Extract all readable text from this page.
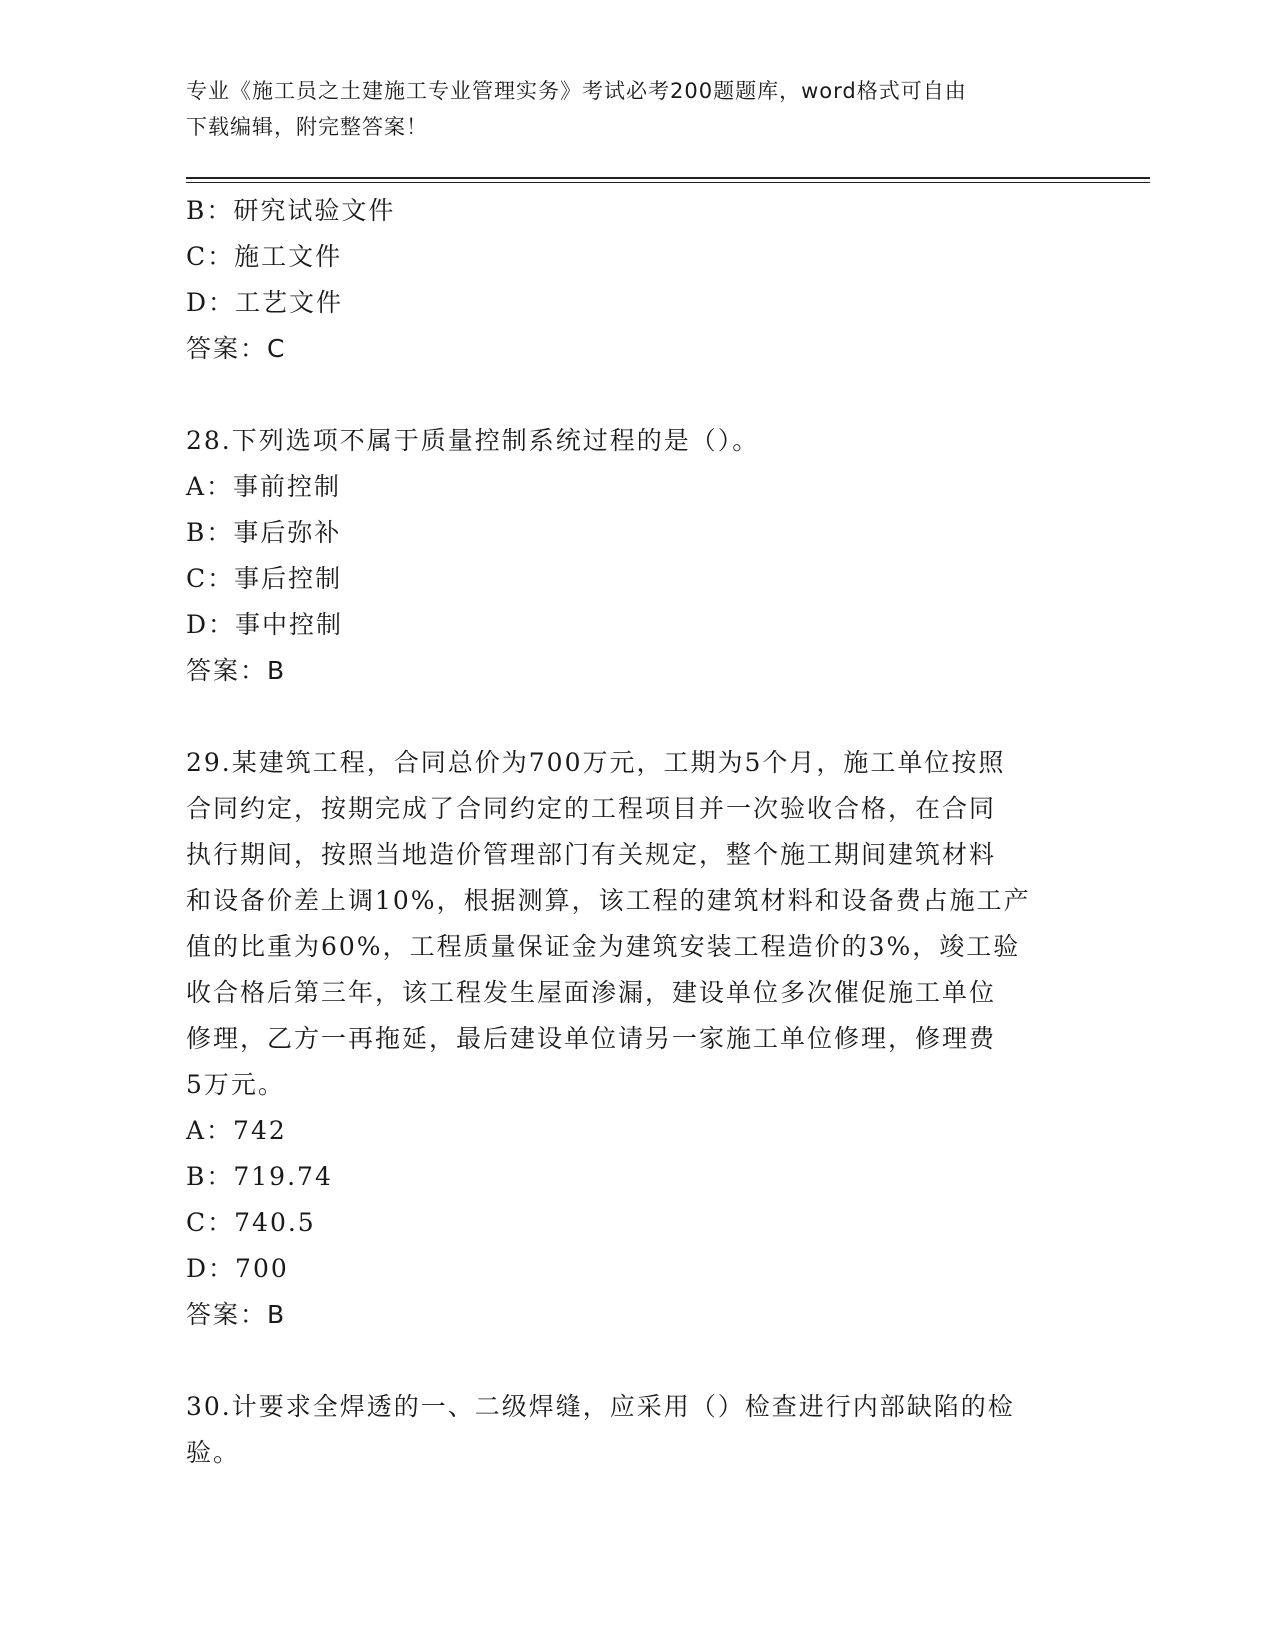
专业《施工员之土建施工专业管理实务》考试必考200题题库，word格式可自由
下载编辑，附完整答案！
B：研究试验文件
C：施工文件
D：工艺文件
答案：C
28.下列选项不属于质量控制系统过程的是（）。
A：事前控制
B：事后弥补
C：事后控制
D：事中控制
答案：B
29.某建筑工程，合同总价为700万元，工期为5个月，施工单位按照
合同约定，按期完成了合同约定的工程项目并一次验收合格，在合同
执行期间，按照当地造价管理部门有关规定，整个施工期间建筑材料
和设备价差上调10%，根据测算，该工程的建筑材料和设备费占施工产
值的比重为60%，工程质量保证金为建筑安装工程造价的3%，竣工验
收合格后第三年，该工程发生屋面渗漏，建设单位多次催促施工单位
修理，乙方一再拖延，最后建设单位请另一家施工单位修理，修理费
5万元。
A：742
B：719.74
C：740.5
D：700
答案：B
30.计要求全焊透的一、二级焊缝，应采用（）检查进行内部缺陷的检
验。
